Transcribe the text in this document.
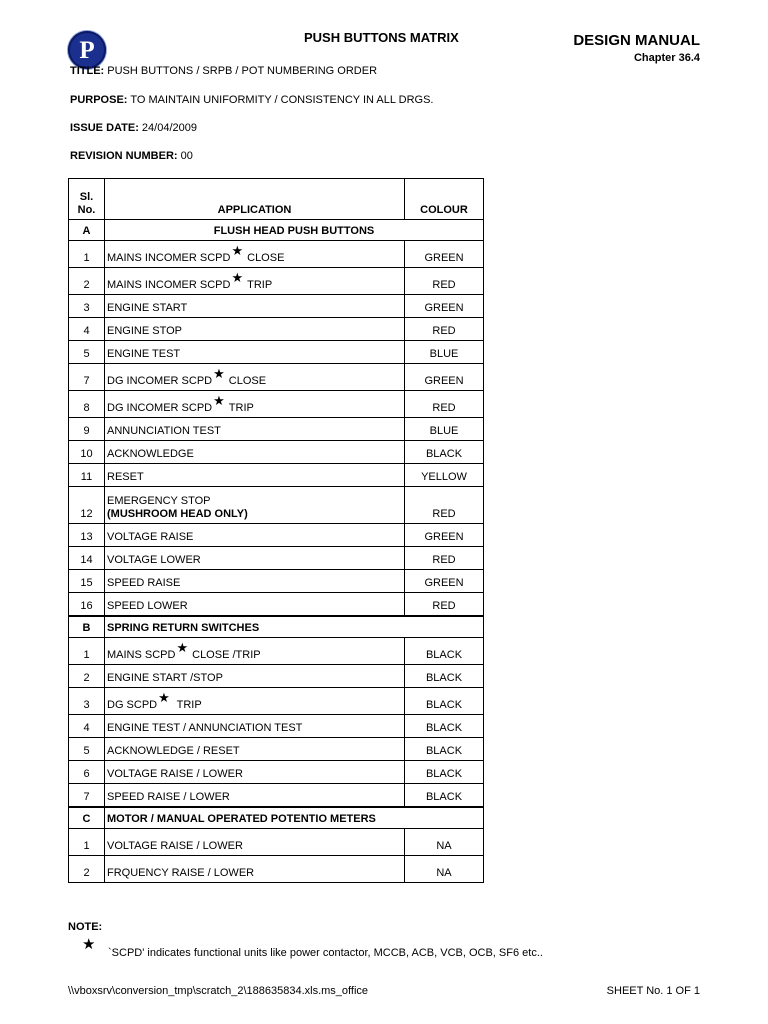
P	PUSH BUTTONS MATRIX	DESIGN MANUAL
Chapter 36.4
TITLE: PUSH BUTTONS / SRPB / POT NUMBERING ORDER
PURPOSE: TO MAINTAIN UNIFORMITY / CONSISTENCY IN ALL DRGS.
ISSUE DATE: 24/04/2009
REVISION NUMBER: 00
Sl. No.	APPLICATION	COLOUR
A	FLUSH HEAD PUSH BUTTONS	
1	MAINS INCOMER SCPD★ CLOSE	GREEN
2	MAINS INCOMER SCPD★ TRIP	RED
3	ENGINE START	GREEN
4	ENGINE STOP	RED
5	ENGINE TEST	BLUE
7	DG INCOMER SCPD★ CLOSE	GREEN
8	DG INCOMER SCPD★ TRIP	RED
9	ANNUNCIATION TEST	BLUE
10	ACKNOWLEDGE	BLACK
11	RESET	YELLOW
12	EMERGENCY STOP
(MUSHROOM HEAD ONLY)	RED
13	VOLTAGE RAISE	GREEN
14	VOLTAGE LOWER	RED
15	SPEED RAISE	GREEN
16	SPEED LOWER	RED
B	SPRING RETURN SWITCHES	
1	MAINS SCPD★ CLOSE /TRIP	BLACK
2	ENGINE START /STOP	BLACK
3	DG SCPD★ TRIP	BLACK
4	ENGINE TEST / ANNUNCIATION TEST	BLACK
5	ACKNOWLEDGE / RESET	BLACK
6	VOLTAGE RAISE / LOWER	BLACK
7	SPEED RAISE / LOWER	BLACK
C	MOTOR / MANUAL OPERATED POTENTIO METERS	
1	VOLTAGE RAISE / LOWER	NA
2	FRQUENCY RAISE / LOWER	NA
NOTE:
★ `SCPD' indicates functional units like power contactor, MCCB, ACB, VCB, OCB, SF6 etc..
\\vboxsrv\conversion_tmp\scratch_2\188635834.xls.ms_office	SHEET No. 1 OF 1
